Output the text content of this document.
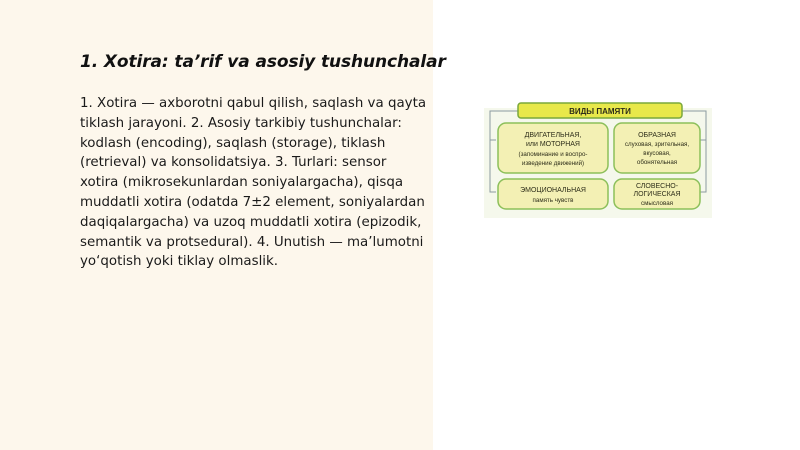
1. Xotira: ta’rif va asosiy tushunchalar
1. Xotira — axborotni qabul qilish, saqlash va qayta tiklash jarayoni. 2. Asosiy tarkibiy tushunchalar: kodlash (encoding), saqlash (storage), tiklash (retrieval) va konsolidatsiya. 3. Turlari: sensor xotira (mikrosekunlardan soniyalargacha), qisqa muddatli xotira (odatda 7±2 element, soniyalardan daqiqalargacha) va uzoq muddatli xotira (epizodik, semantik va protsedural). 4. Unutish — ma’lumotni yo‘qotish yoki tiklay olmaslik.
ВИДЫ ПАМЯТИ
ДВИГАТЕЛЬНАЯ,
или МОТОРНАЯ
(запоминание и воспро-
изведение движений)
ОБРАЗНАЯ
слуховая, зрительная,
вкусовая,
обонятельная
ЭМОЦИОНАЛЬНАЯ
память чувств
СЛОВЕСНО-
ЛОГИЧЕСКАЯ
смысловая
